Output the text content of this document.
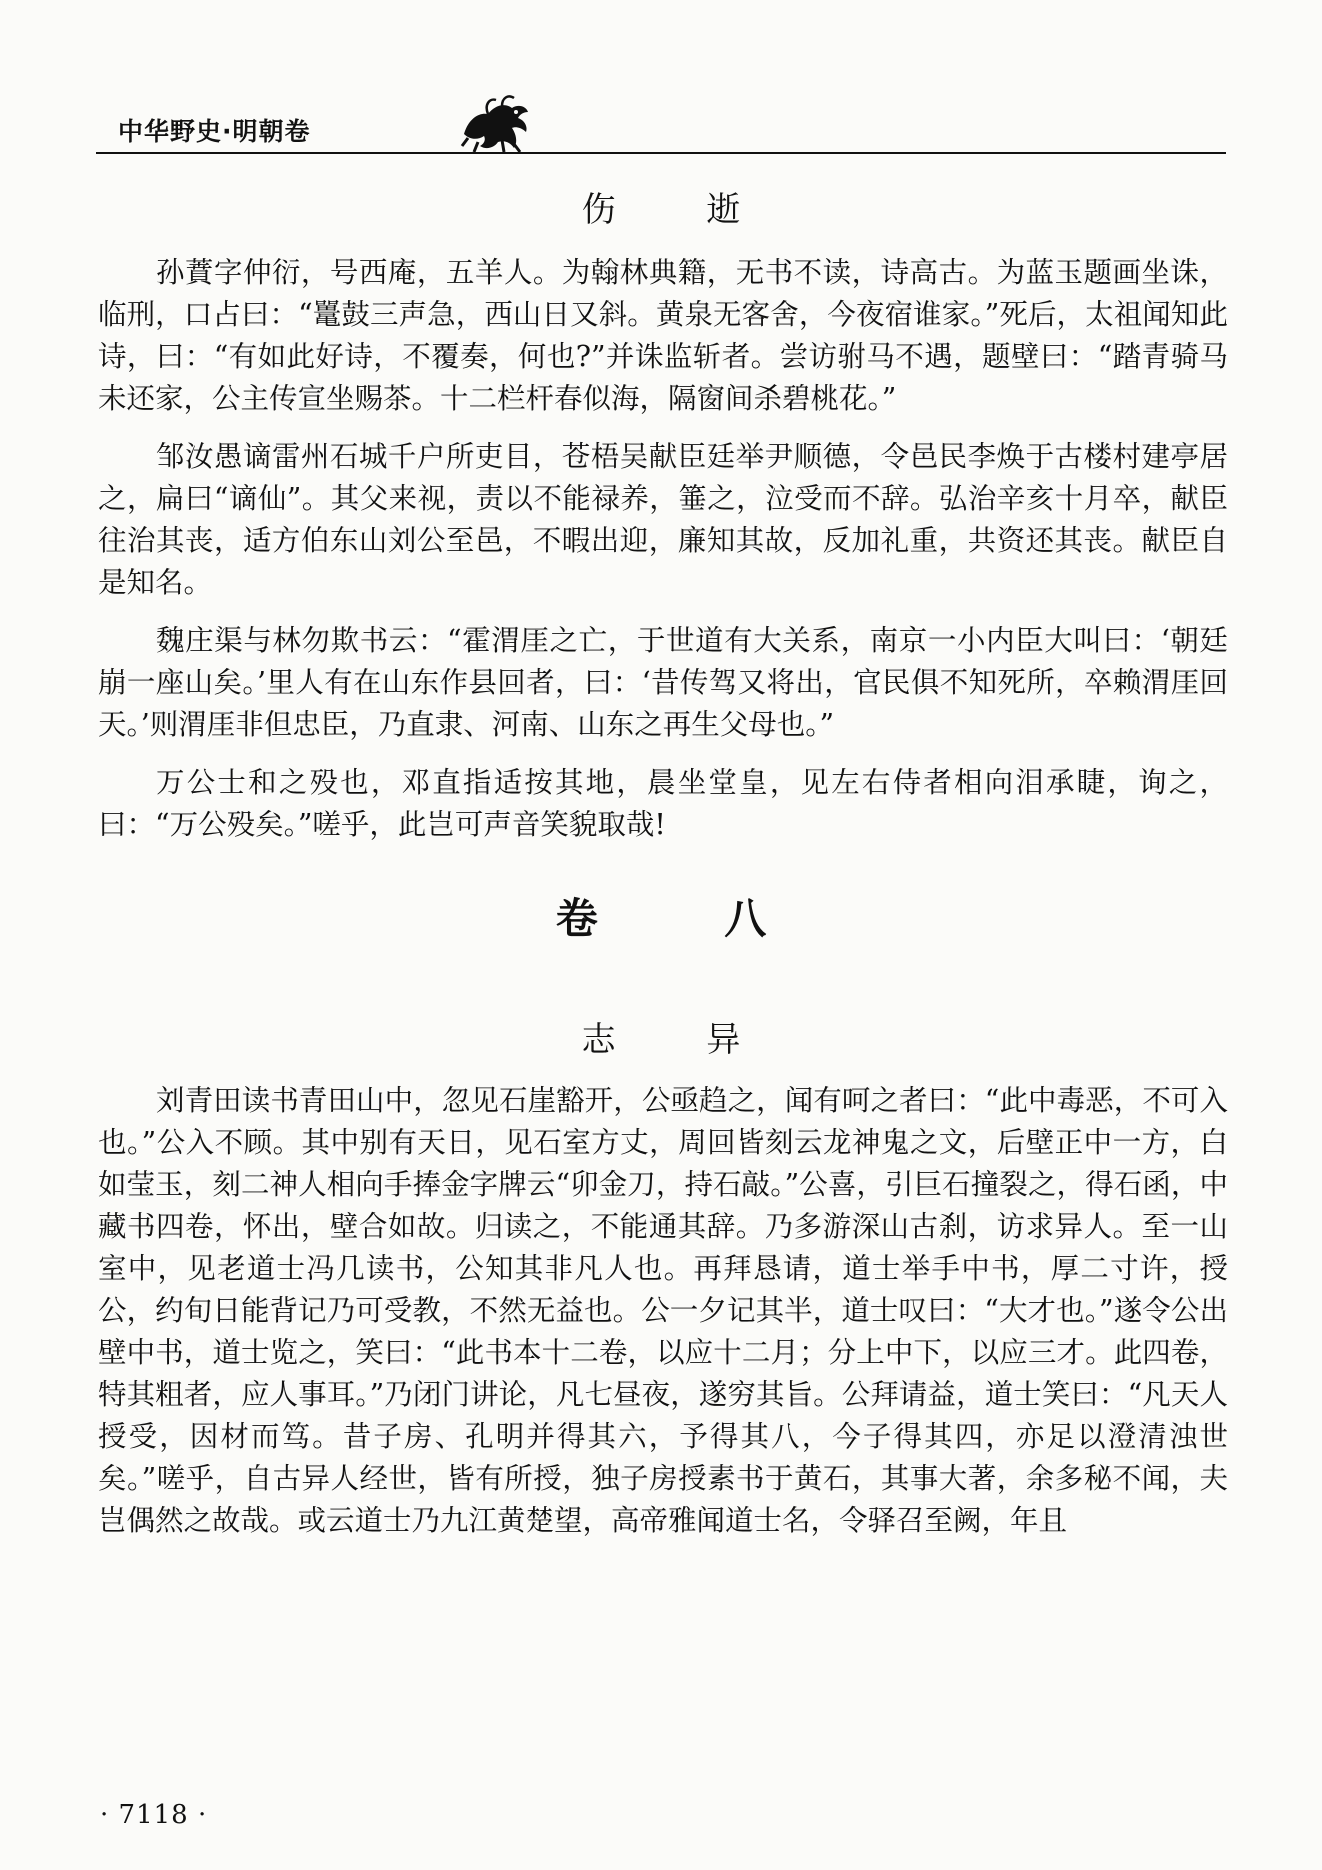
中华野史·明朝卷
伤 逝

孙蕡字仲衍，号西庵，五羊人。为翰林典籍，无书不读，诗高古。为蓝玉题画坐诛，临刑，口占曰：“鼍鼓三声急，西山日又斜。黄泉无客舍，今夜宿谁家。”死后，太祖闻知此诗，曰：“有如此好诗，不覆奏，何也?”并诛监斩者。尝访驸马不遇，题壁曰：“踏青骑马未还家，公主传宣坐赐茶。十二栏杆春似海，隔窗间杀碧桃花。”

邹汝愚谪雷州石城千户所吏目，苍梧吴献臣廷举尹顺德，令邑民李焕于古楼村建亭居之，扁曰“谪仙”。其父来视，责以不能禄养，箠之，泣受而不辞。弘治辛亥十月卒，献臣往治其丧，适方伯东山刘公至邑，不暇出迎，廉知其故，反加礼重，共资还其丧。献臣自是知名。

魏庄渠与林勿欺书云：“霍渭厓之亡，于世道有大关系，南京一小内臣大叫曰：‘朝廷崩一座山矣。’里人有在山东作县回者，曰：‘昔传驾又将出，官民俱不知死所，卒赖渭厓回天。’则渭厓非但忠臣，乃直隶、河南、山东之再生父母也。”

万公士和之殁也，邓直指适按其地，晨坐堂皇，见左右侍者相向泪承睫，询之，曰：“万公殁矣。”嗟乎，此岂可声音笑貌取哉!

卷 八
志 异

刘青田读书青田山中，忽见石崖豁开，公亟趋之，闻有呵之者曰：“此中毒恶，不可入也。”公入不顾。其中别有天日，见石室方丈，周回皆刻云龙神鬼之文，后壁正中一方，白如莹玉，刻二神人相向手捧金字牌云“卯金刀，持石敲。”公喜，引巨石撞裂之，得石函，中藏书四卷，怀出，壁合如故。归读之，不能通其辞。乃多游深山古刹，访求异人。至一山室中，见老道士冯几读书，公知其非凡人也。再拜恳请，道士举手中书，厚二寸许，授公，约旬日能背记乃可受教，不然无益也。公一夕记其半，道士叹曰：“大才也。”遂令公出壁中书，道士览之，笑曰：“此书本十二卷，以应十二月；分上中下，以应三才。此四卷，特其粗者，应人事耳。”乃闭门讲论，凡七昼夜，遂穷其旨。公拜请益，道士笑曰：“凡天人授受，因材而笃。昔子房、孔明并得其六，予得其八，今子得其四，亦足以澄清浊世矣。”嗟乎，自古异人经世，皆有所授，独子房授素书于黄石，其事大著，余多秘不闻，夫岂偶然之故哉。或云道士乃九江黄楚望，高帝雅闻道士名，令驿召至阙，年且

· 7118 ·
